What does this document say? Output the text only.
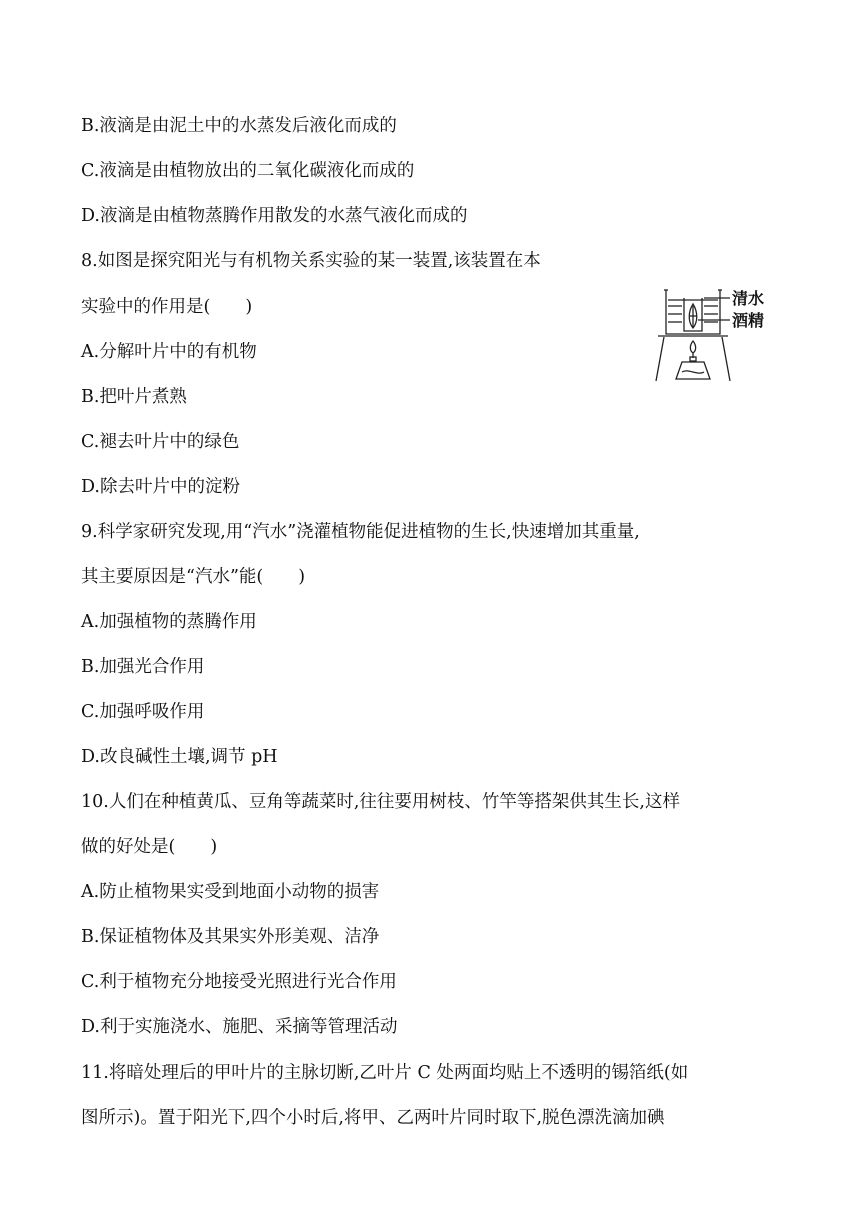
B.液滴是由泥土中的水蒸发后液化而成的

C.液滴是由植物放出的二氧化碳液化而成的

D.液滴是由植物蒸腾作用散发的水蒸气液化而成的

8.如图是探究阳光与有机物关系实验的某一装置,该装置在本

实验中的作用是(　　)

A.分解叶片中的有机物

B.把叶片煮熟

C.褪去叶片中的绿色

D.除去叶片中的淀粉

9.科学家研究发现,用“汽水”浇灌植物能促进植物的生长,快速增加其重量,

其主要原因是“汽水”能(　　)

A.加强植物的蒸腾作用

B.加强光合作用

C.加强呼吸作用

D.改良碱性土壤,调节 pH

10.人们在种植黄瓜、豆角等蔬菜时,往往要用树枝、竹竿等搭架供其生长,这样

做的好处是(　　)

A.防止植物果实受到地面小动物的损害

B.保证植物体及其果实外形美观、洁净

C.利于植物充分地接受光照进行光合作用

D.利于实施浇水、施肥、采摘等管理活动

11.将暗处理后的甲叶片的主脉切断,乙叶片 C 处两面均贴上不透明的锡箔纸(如

图所示)。置于阳光下,四个小时后,将甲、乙两叶片同时取下,脱色漂洗滴加碘

清水
酒精
